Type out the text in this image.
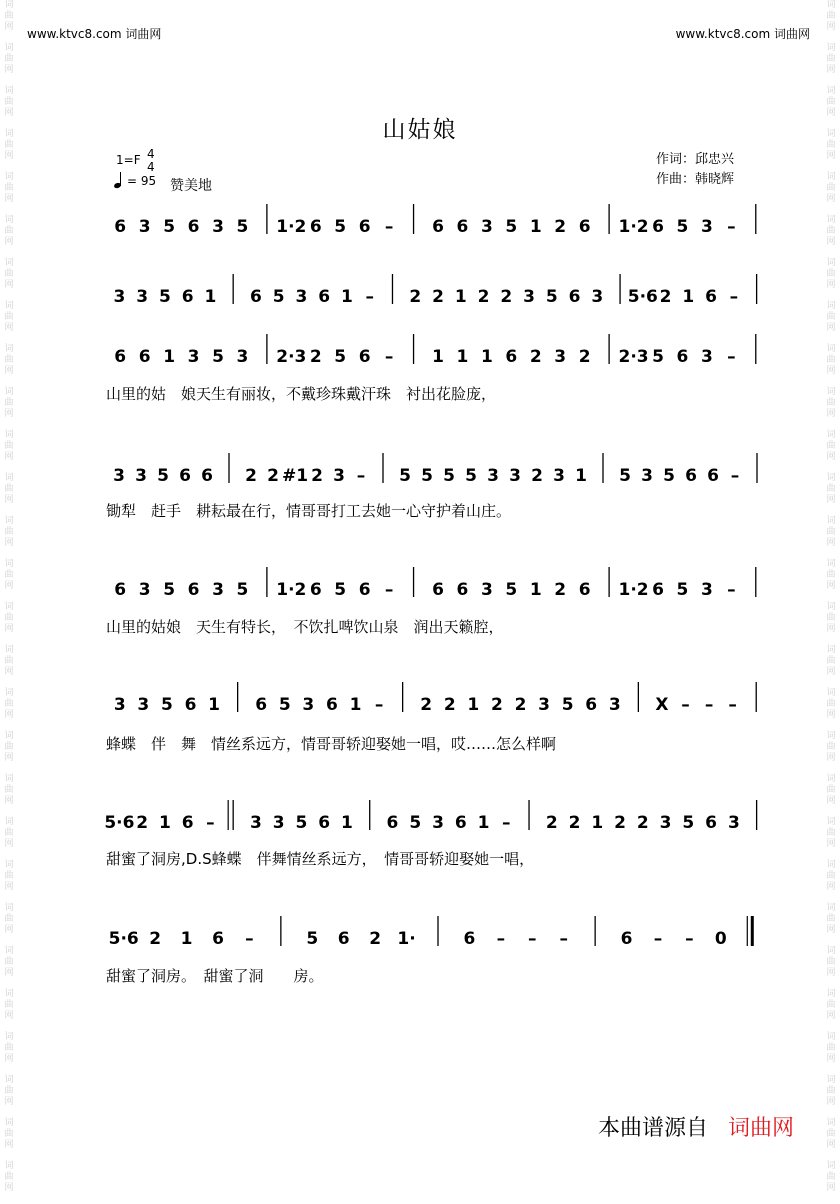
词
曲
网
词
曲
网
词
曲
网
词
曲
网
词
曲
网
词
曲
网
词
曲
网
词
曲
网
词
曲
网
词
曲
网
词
曲
网
词
曲
网
词
曲
网
词
曲
网
词
曲
网
词
曲
网
词
曲
网
词
曲
网
词
曲
网
词
曲
网
词
曲
网
词
曲
网
词
曲
网
词
曲
网
词
曲
网
词
曲
网
词
曲
网
词
曲
网
词
曲
网
词
曲
网
词
曲
网
词
曲
网
词
曲
网
词
曲
网
词
曲
网
词
曲
网
词
曲
网
词
曲
网
词
曲
网
词
曲
网
词
曲
网
词
曲
网
词
曲
网
词
曲
网
词
曲
网
词
曲
网
词
曲
网
词
曲
网
词
曲
网
词
曲
网
词
曲
网
词
曲
网
词
曲
网
词
曲
网
词
曲
网
词
曲
网
www.ktvc8.com 词曲网	www.ktvc8.com 词曲网
山姑娘
1=F 4
4
= 95 赞美地
作词：邱忠兴
作曲：韩晓辉
6 3 5 6 3 5 1·2 6 5 6 – 6 6 3 5 1 2 6 1·2 6 5 3 –
3 3 5 6 1 6 5 3 6 1 – 2 2 1 2 2 3 5 6 3 5·6 2 1 6 –
6 6 1 3 5 3 2·3 2 5 6 – 1 1 1 6 2 3 2 2·3 5 6 3 –
山里的姑　娘天生有丽妆，不戴珍珠戴汗珠　衬出花脸庞，
3 3 5 6 6 2 2 #1 2 3 – 5 5 5 5 3 3 2 3 1 5 3 5 6 6 –
锄犁　赶手　耕耘最在行，情哥哥打工去她一心守护着山庄。
6 3 5 6 3 5 1·2 6 5 6 – 6 6 3 5 1 2 6 1·2 6 5 3 –
山里的姑娘　天生有特长，　不饮扎啤饮山泉　润出天籁腔，
3 3 5 6 1 6 5 3 6 1 – 2 2 1 2 2 3 5 6 3 X – – –
蜂蝶　伴　舞　情丝系远方，情哥哥轿迎娶她一唱，哎……怎么样啊
5·6 2 1 6 – 3 3 5 6 1 6 5 3 6 1 – 2 2 1 2 2 3 5 6 3
甜蜜了洞房,D.S蜂蝶　伴舞情丝系远方，　情哥哥轿迎娶她一唱，
5·6 2 1 6 –	5 6 2 1·	6 – – –	6 – – 0
甜蜜了洞房。　甜蜜了洞　　房。
本曲谱源自 词曲网
